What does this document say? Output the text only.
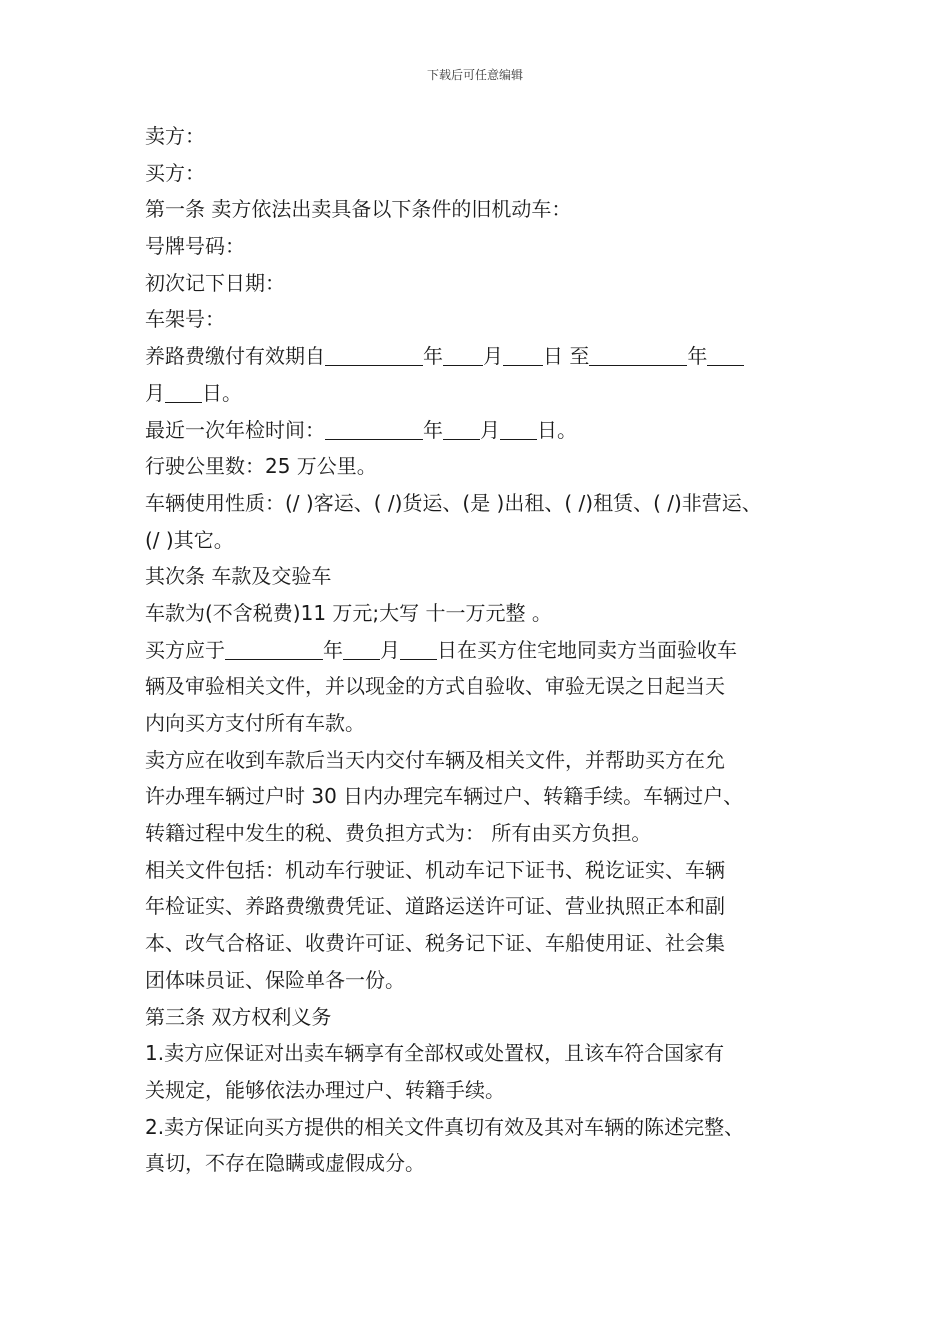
下载后可任意编辑
卖方：
买方：
第一条 卖方依法出卖具备以下条件的旧机动车：
号牌号码：
初次记下日期：
车架号：
养路费缴付有效期自	年 月 日 至	年
月 日。
最近一次年检时间：	年 月 日。
行驶公里数：25 万公里。
车辆使用性质：(/ )客运、( /)货运、(是 )出租、( /)租赁、( /)非营运、
(/ )其它。
其次条 车款及交验车
车款为(不含税费)11 万元;大写 十一万元整 。
买方应于	年 月 日在买方住宅地同卖方当面验收车
辆及审验相关文件，并以现金的方式自验收、审验无误之日起当天
内向买方支付所有车款。
卖方应在收到车款后当天内交付车辆及相关文件，并帮助买方在允
许办理车辆过户时 30 日内办理完车辆过户、转籍手续。车辆过户、
转籍过程中发生的税、费负担方式为： 所有由买方负担。
相关文件包括：机动车行驶证、机动车记下证书、税讫证实、车辆
年检证实、养路费缴费凭证、道路运送许可证、营业执照正本和副
本、改气合格证、收费许可证、税务记下证、车船使用证、社会集
团体味员证、保险单各一份。
第三条 双方权利义务
1.卖方应保证对出卖车辆享有全部权或处置权，且该车符合国家有
关规定，能够依法办理过户、转籍手续。
2.卖方保证向买方提供的相关文件真切有效及其对车辆的陈述完整、
真切，不存在隐瞒或虚假成分。
